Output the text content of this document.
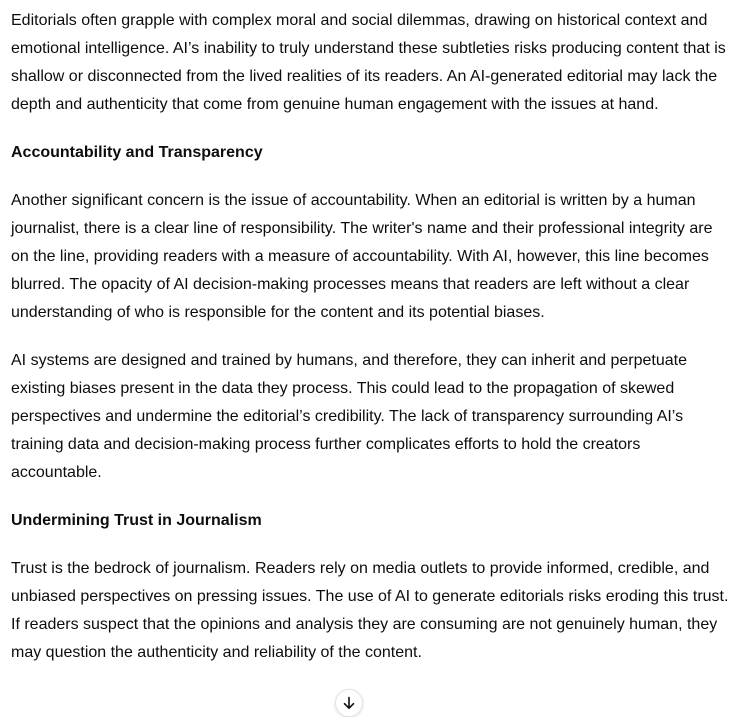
Editorials often grapple with complex moral and social dilemmas, drawing on historical context and emotional intelligence. AI’s inability to truly understand these subtleties risks producing content that is shallow or disconnected from the lived realities of its readers. An AI-generated editorial may lack the depth and authenticity that come from genuine human engagement with the issues at hand.

Accountability and Transparency

Another significant concern is the issue of accountability. When an editorial is written by a human journalist, there is a clear line of responsibility. The writer's name and their professional integrity are on the line, providing readers with a measure of accountability. With AI, however, this line becomes blurred. The opacity of AI decision-making processes means that readers are left without a clear understanding of who is responsible for the content and its potential biases.

AI systems are designed and trained by humans, and therefore, they can inherit and perpetuate existing biases present in the data they process. This could lead to the propagation of skewed perspectives and undermine the editorial’s credibility. The lack of transparency surrounding AI’s training data and decision-making process further complicates efforts to hold the creators accountable.

Undermining Trust in Journalism

Trust is the bedrock of journalism. Readers rely on media outlets to provide informed, credible, and unbiased perspectives on pressing issues. The use of AI to generate editorials risks eroding this trust. If readers suspect that the opinions and analysis they are consuming are not genuinely human, they may question the authenticity and reliability of the content.
